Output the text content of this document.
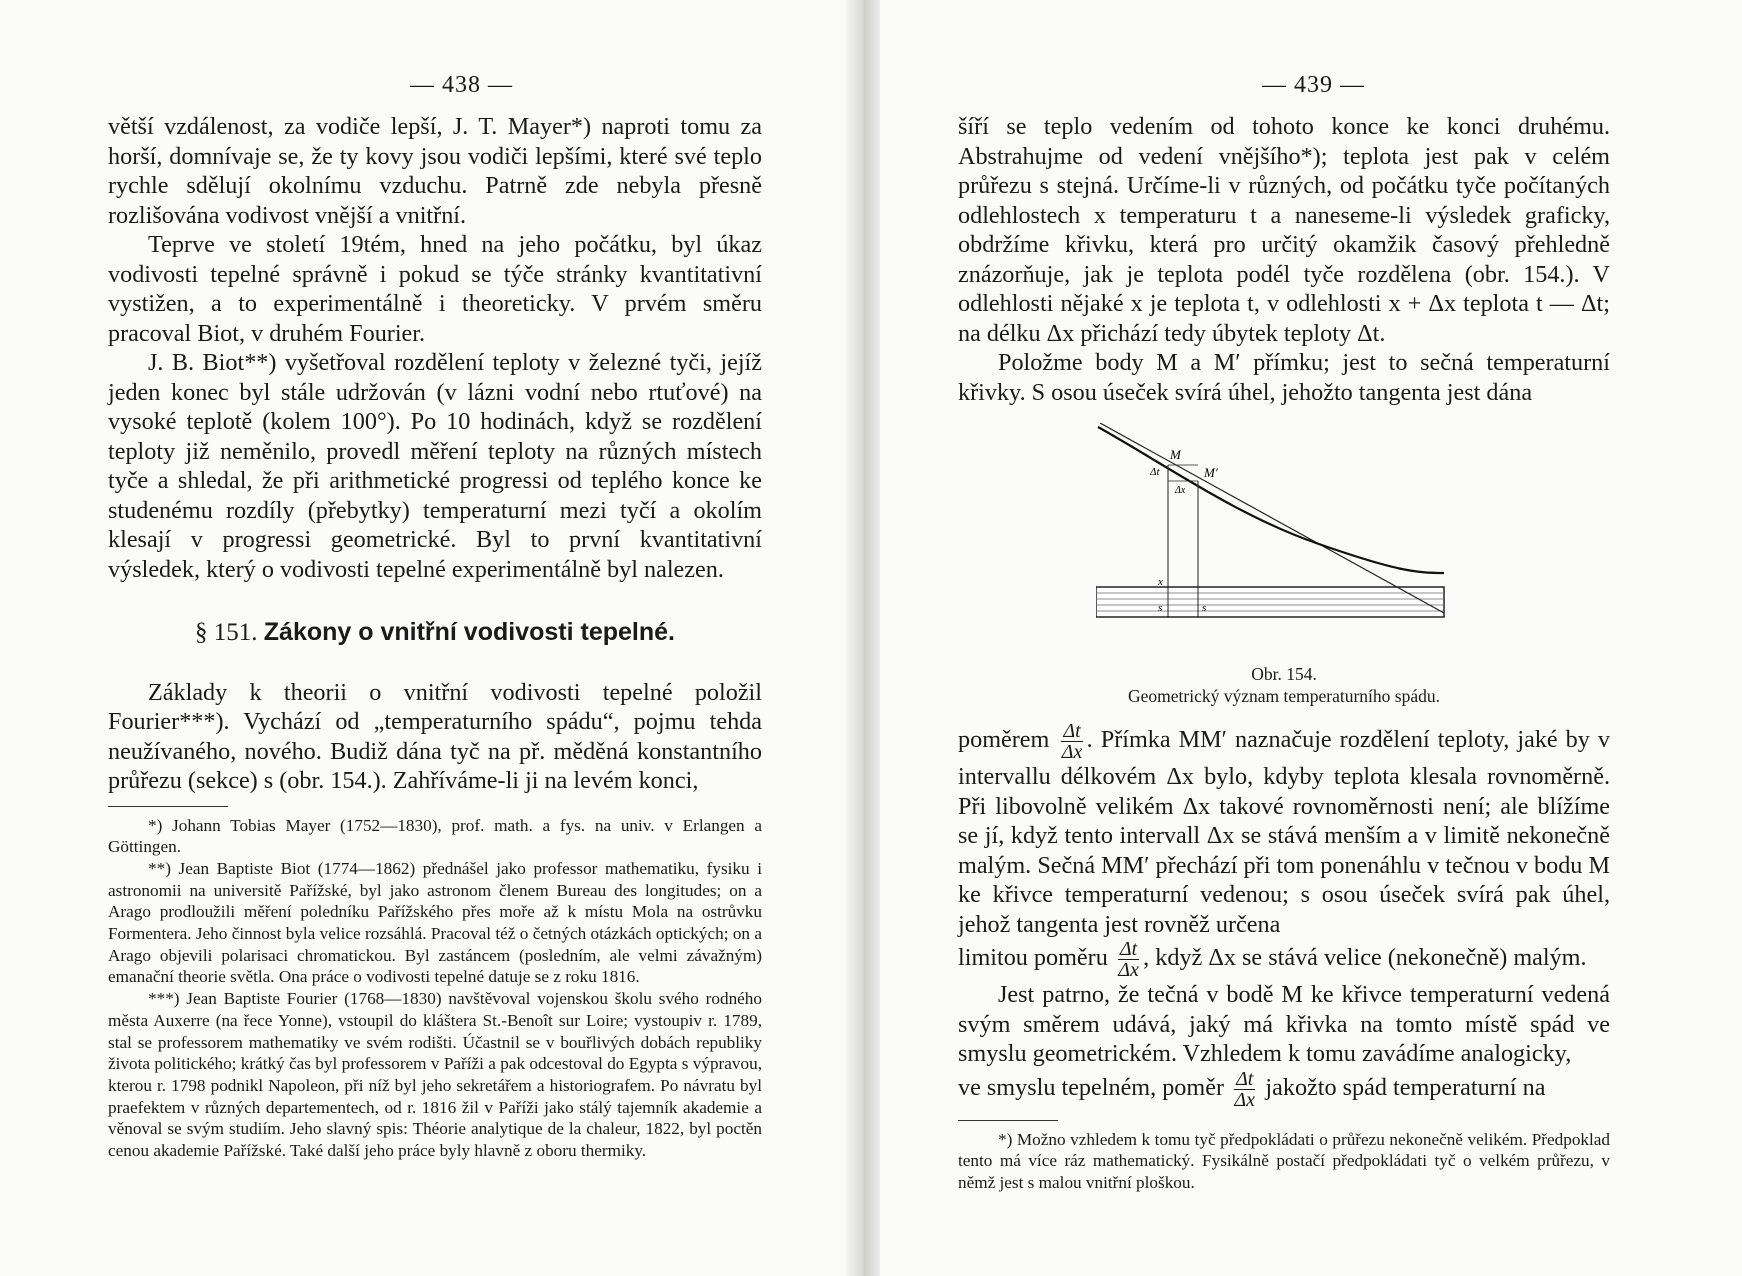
— 438 —

větší vzdálenost, za vodiče lepší, J. T. Mayer*) naproti tomu za horší, domnívaje se, že ty kovy jsou vodiči lepšími, které své teplo rychle sdělují okolnímu vzduchu. Patrně zde nebyla přesně rozlišována vodivost vnější a vnitřní.

Teprve ve století 19tém, hned na jeho počátku, byl úkaz vodivosti tepelné správně i pokud se týče stránky kvantitativní vystižen, a to experimentálně i theoreticky. V prvém směru pracoval Biot, v druhém Fourier.

J. B. Biot**) vyšetřoval rozdělení teploty v železné tyči, jejíž jeden konec byl stále udržován (v lázni vodní nebo rtuťové) na vysoké teplotě (kolem 100°). Po 10 hodinách, když se rozdělení teploty již neměnilo, provedl měření teploty na různých místech tyče a shledal, že při arithmetické progressi od teplého konce ke studenému rozdíly (přebytky) temperaturní mezi tyčí a okolím klesají v progressi geometrické. Byl to první kvantitativní výsledek, který o vodivosti tepelné experimentálně byl nalezen.

§ 151. Zákony o vnitřní vodivosti tepelné.

Základy k theorii o vnitřní vodivosti tepelné položil Fourier***). Vychází od „temperaturního spádu“, pojmu tehda neužívaného, nového. Budiž dána tyč na př. měděná konstantního průřezu (sekce) s (obr. 154.). Zahříváme-li ji na levém konci,

*) Johann Tobias Mayer (1752—1830), prof. math. a fys. na univ. v Erlangen a Göttingen.

**) Jean Baptiste Biot (1774—1862) přednášel jako professor mathematiku, fysiku i astronomii na universitě Pařížské, byl jako astronom členem Bureau des longitudes; on a Arago prodloužili měření poledníku Pařížského přes moře až k místu Mola na ostrůvku Formentera. Jeho činnost byla velice rozsáhlá. Pracoval též o četných otázkách optických; on a Arago objevili polarisaci chromatickou. Byl zastáncem (posledním, ale velmi závažným) emanační theorie světla. Ona práce o vodivosti tepelné datuje se z roku 1816.

***) Jean Baptiste Fourier (1768—1830) navštěvoval vojenskou školu svého rodného města Auxerre (na řece Yonne), vstoupil do kláštera St.-Benoît sur Loire; vystoupiv r. 1789, stal se professorem mathematiky ve svém rodišti. Účastnil se v bouřlivých dobách republiky života politického; krátký čas byl professorem v Paříži a pak odcestoval do Egypta s výpravou, kterou r. 1798 podnikl Napoleon, při níž byl jeho sekretářem a historiografem. Po návratu byl praefektem v různých departementech, od r. 1816 žil v Paříži jako stálý tajemník akademie a věnoval se svým studiím. Jeho slavný spis: Théorie analytique de la chaleur, 1822, byl poctěn cenou akademie Pařížské. Také další jeho práce byly hlavně z oboru thermiky.

— 439 —

šíří se teplo vedením od tohoto konce ke konci druhému. Abstrahujme od vedení vnějšího*); teplota jest pak v celém průřezu s stejná. Určíme-li v různých, od počátku tyče počítaných odlehlostech x temperaturu t a naneseme-li výsledek graficky, obdržíme křivku, která pro určitý okamžik časový přehledně znázorňuje, jak je teplota podél tyče rozdělena (obr. 154.). V odlehlosti nějaké x je teplota t, v odlehlosti x + Δx teplota t — Δt; na délku Δx přichází tedy úbytek teploty Δt.

Položme body M a M′ přímku; jest to sečná temperaturní křivky. S osou úseček svírá úhel, jehožto tangenta jest dána

M
M′
Δt
Δx
x
s	s
Obr. 154.
Geometrický význam temperaturního spádu.

poměrem $\frac{\Delta t}{\Delta x}$ . Přímka MM′ naznačuje rozdělení teploty, jaké by v intervallu délkovém Δx bylo, kdyby teplota klesala rovnoměrně. Při libovolně velikém Δx takové rovnoměrnosti není; ale blížíme se jí, když tento intervall Δx se stává menším a v limitě nekonečně malým. Sečná MM′ přechází při tom ponenáhlu v tečnou v bodu M ke křivce temperaturní vedenou; s osou úseček svírá pak úhel, jehož tangenta jest rovněž určena

limitou poměru $\frac{\Delta t}{\Delta x}$ , když Δx se stává velice (nekonečně) malým.

Jest patrno, že tečná v bodě M ke křivce temperaturní vedená svým směrem udává, jaký má křivka na tomto místě spád ve smyslu geometrickém. Vzhledem k tomu zavádíme analogicky,

ve smyslu tepelném, poměr $\frac{\Delta t}{\Delta x}$ jakožto spád temperaturní na

*) Možno vzhledem k tomu tyč předpokládati o průřezu nekonečně velikém. Předpoklad tento má více ráz mathematický. Fysikálně postačí předpokládati tyč o velkém průřezu, v němž jest s malou vnitřní ploškou.
